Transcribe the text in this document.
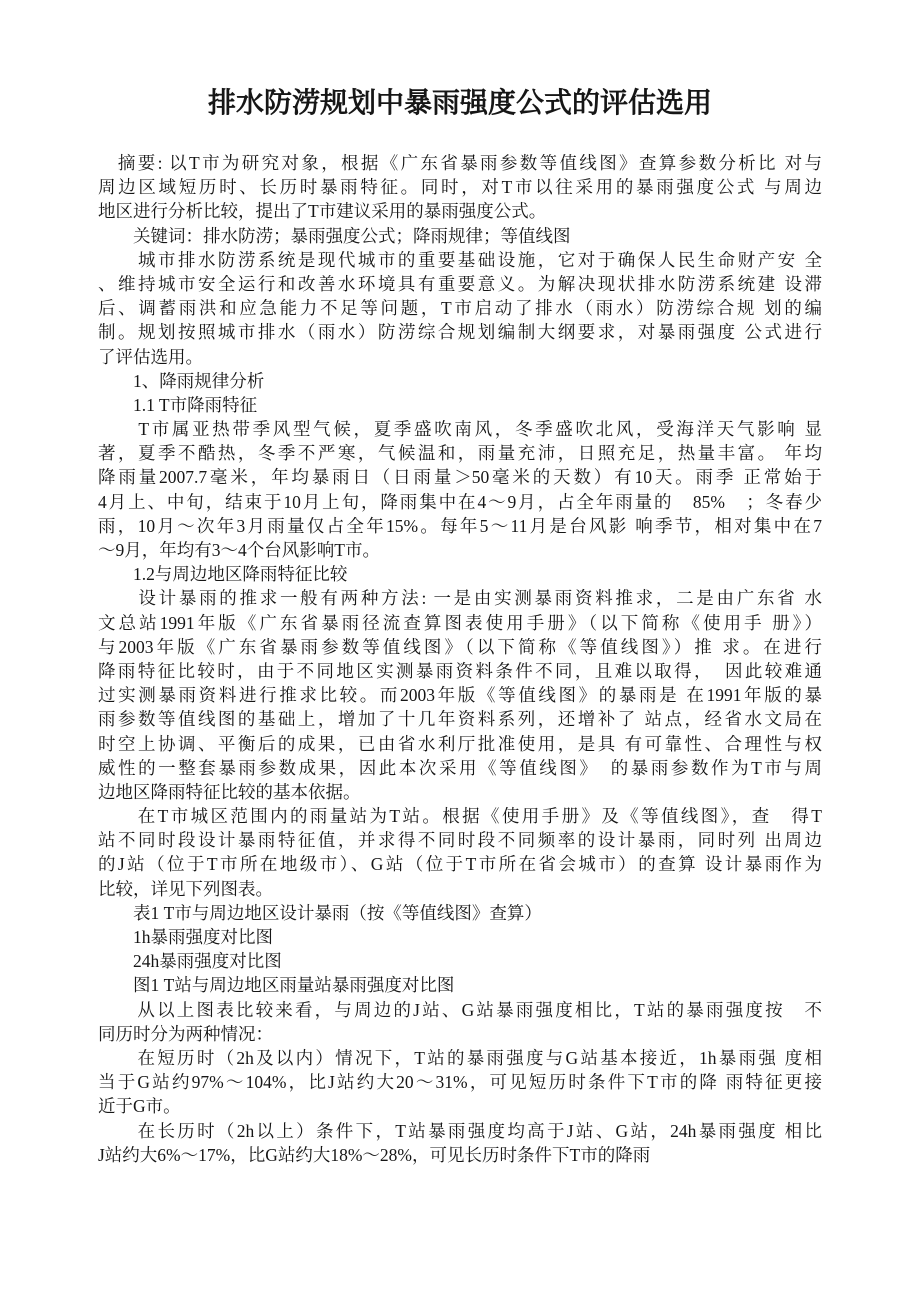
排水防涝规划中暴雨强度公式的评估选用
　摘要: 以T市为研究对象，根据《广东省暴雨参数等值线图》查算参数分析比 对与
周边区域短历时、长历时暴雨特征。同时，对T市以往采用的暴雨强度公式 与周边
地区进行分析比较，提出了T市建议采用的暴雨强度公式。
　　关键词：排水防涝；暴雨强度公式；降雨规律；等值线图
　　城市排水防涝系统是现代城市的重要基础设施，它对于确保人民生命财产安 全
、维持城市安全运行和改善水环境具有重要意义。为解决现状排水防涝系统建 设滞
后、调蓄雨洪和应急能力不足等问题，T市启动了排水（雨水）防涝综合规 划的编
制。规划按照城市排水（雨水）防涝综合规划编制大纲要求，对暴雨强度 公式进行
了评估选用。
　　1、降雨规律分析
　　1.1 T市降雨特征
　　T市属亚热带季风型气候，夏季盛吹南风，冬季盛吹北风，受海洋天气影响 显
著，夏季不酷热，冬季不严寒，气候温和，雨量充沛，日照充足，热量丰富。 年均
降雨量2007.7毫米，年均暴雨日（日雨量＞50毫米的天数）有10天。雨季 正常始于
4月上、中旬，结束于10月上旬，降雨集中在4～9月，占全年雨量的　85%　；冬春少
雨，10月～次年3月雨量仅占全年15%。每年5～11月是台风影 响季节，相对集中在7
～9月，年均有3～4个台风影响T市。
　　1.2与周边地区降雨特征比较
　　设计暴雨的推求一般有两种方法: 一是由实测暴雨资料推求，二是由广东省 水
文总站1991年版《广东省暴雨径流查算图表使用手册》（以下简称《使用手 册》）
与2003年版《广东省暴雨参数等值线图》（以下简称《等值线图》）推 求。在进行
降雨特征比较时，由于不同地区实测暴雨资料条件不同，且难以取得，　因此较难通
过实测暴雨资料进行推求比较。而2003年版《等值线图》的暴雨是 在1991年版的暴
雨参数等值线图的基础上，增加了十几年资料系列，还增补了 站点，经省水文局在
时空上协调、平衡后的成果，已由省水利厅批准使用，是具 有可靠性、合理性与权
威性的一整套暴雨参数成果，因此本次采用《等值线图》　的暴雨参数作为T市与周
边地区降雨特征比较的基本依据。
　　在T市城区范围内的雨量站为T站。根据《使用手册》及《等值线图》，查　得T
站不同时段设计暴雨特征值，并求得不同时段不同频率的设计暴雨，同时列 出周边
的J站（位于T市所在地级市）、G站（位于T市所在省会城市）的查算 设计暴雨作为
比较，详见下列图表。
　　表1 T市与周边地区设计暴雨（按《等值线图》查算）
　　1h暴雨强度对比图
　　24h暴雨强度对比图
　　图1 T站与周边地区雨量站暴雨强度对比图
　　从以上图表比较来看，与周边的J站、G站暴雨强度相比，T站的暴雨强度按　不
同历时分为两种情况：
　　在短历时（2h及以内）情况下，T站的暴雨强度与G站基本接近，1h暴雨强 度相
当于G站约97%～104%，比J站约大20～31%，可见短历时条件下T市的降 雨特征更接
近于G市。
　　在长历时（2h以上）条件下，T站暴雨强度均高于J站、G站，24h暴雨强度 相比
J站约大6%～17%，比G站约大18%～28%，可见长历时条件下T市的降雨
